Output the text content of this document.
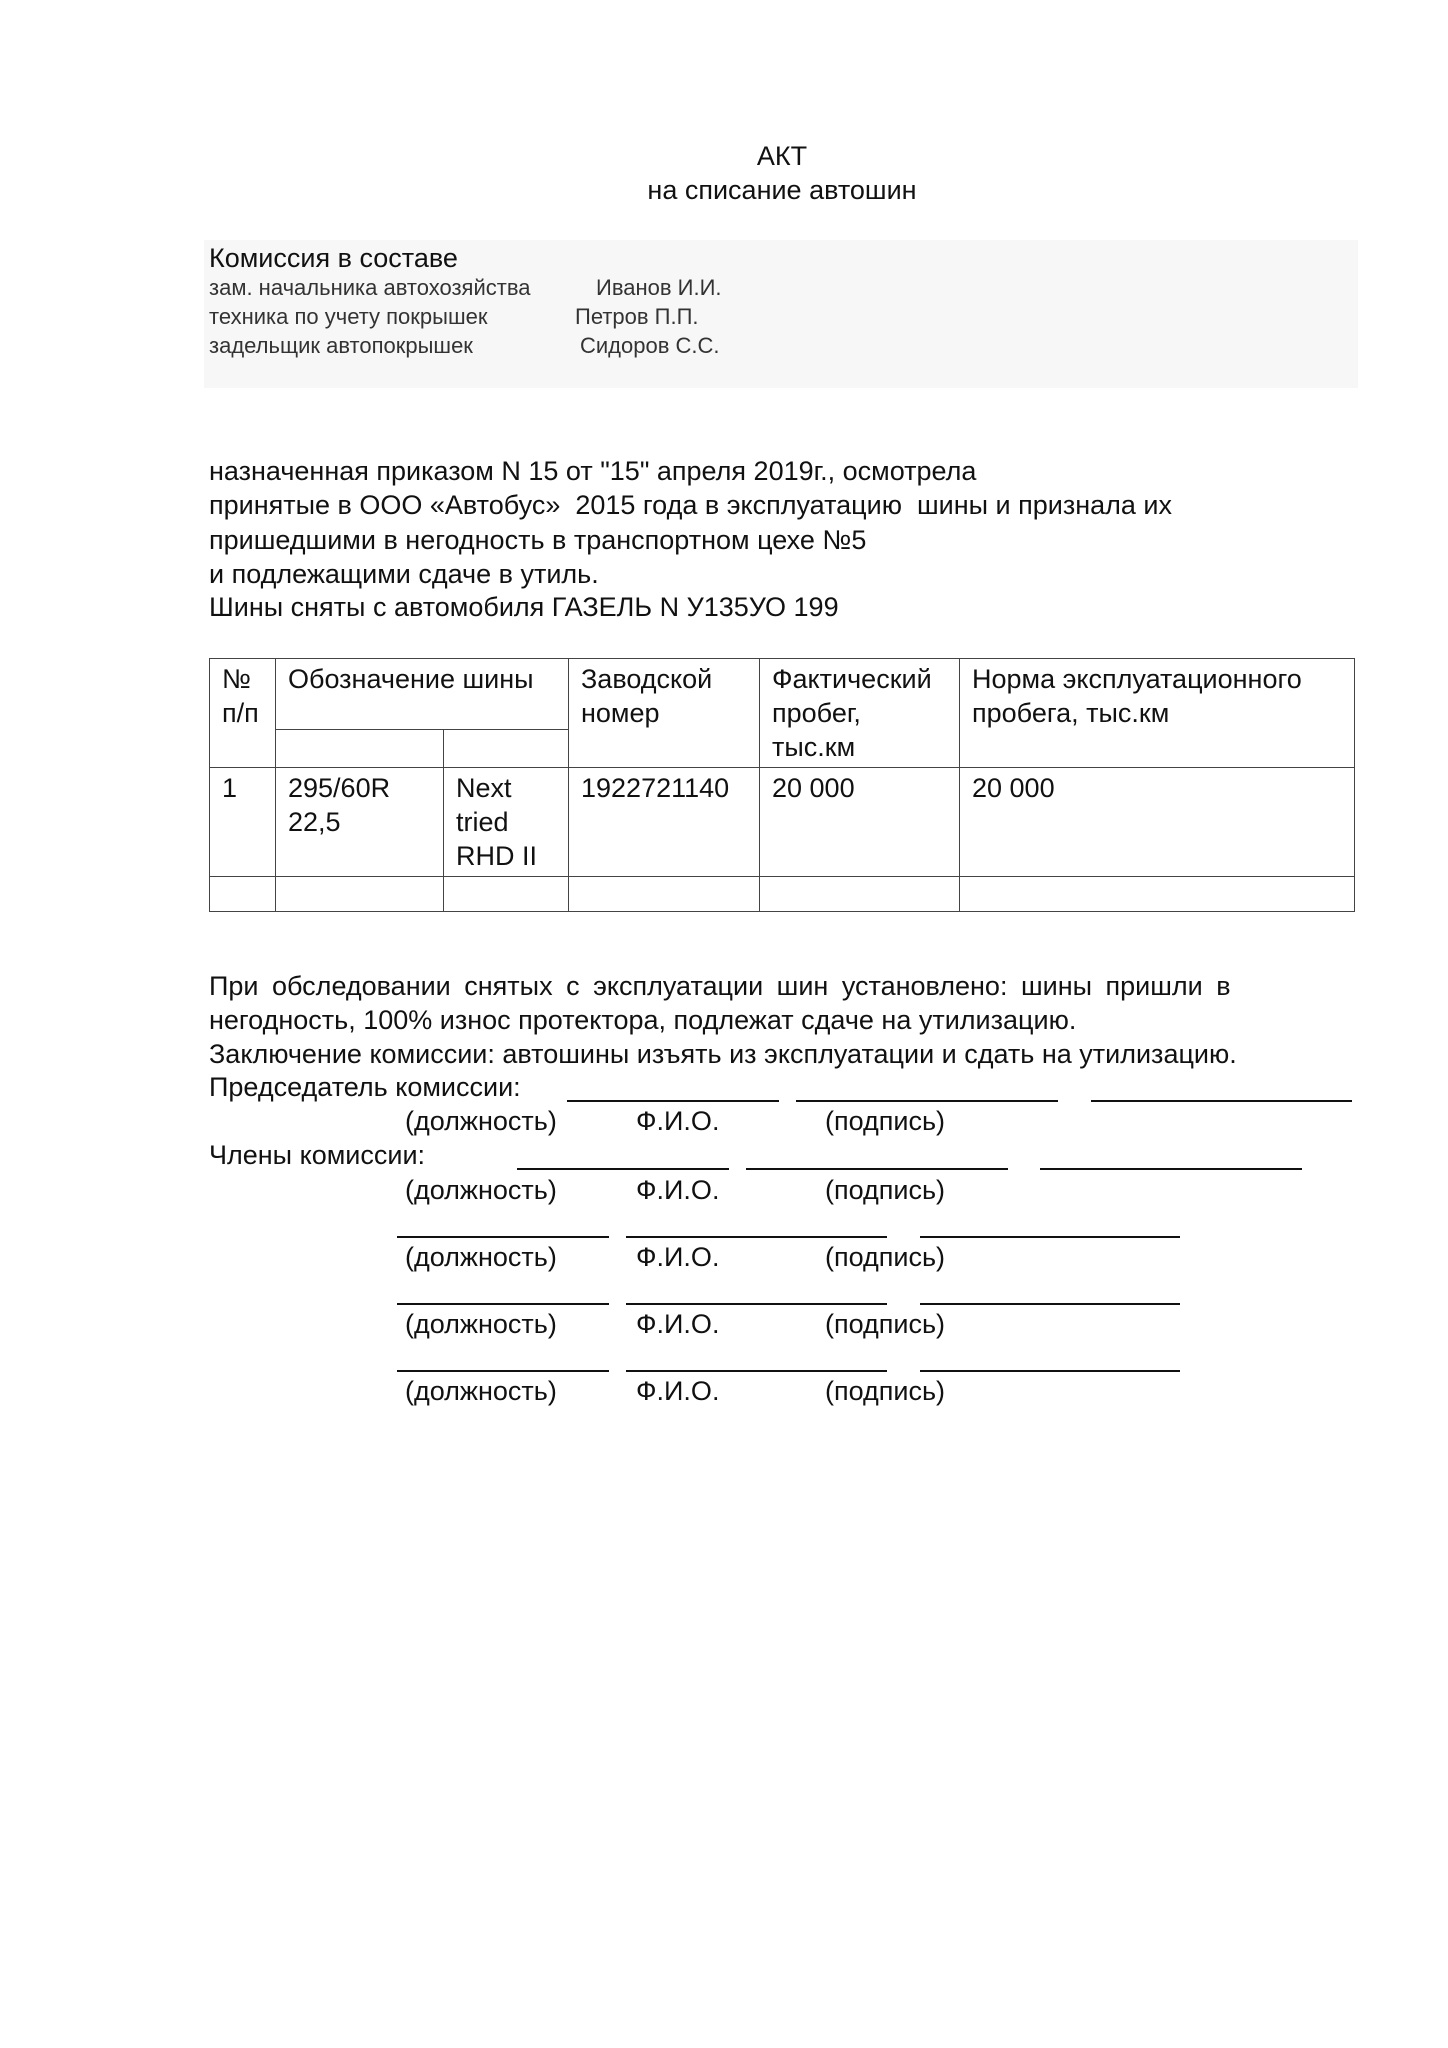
АКТ
на списание автошин
Комиссия в составе
зам. начальника автохозяйства	Иванов И.И.
техника по учету покрышек	Петров П.П.
задельщик автопокрышек	Сидоров С.С.
назначенная приказом N 15 от "15" апреля 2019г., осмотрела
принятые в ООО «Автобус»  2015 года в эксплуатацию  шины и признала их
пришедшими в негодность в транспортном цехе №5
и подлежащими сдаче в утиль.
Шины сняты с автомобиля ГАЗЕЛЬ N У135УО 199
№ п/п	Обозначение шины		Заводской номер	Фактический пробег, тыс.км	Норма эксплуатационного пробега, тыс.км

1	295/60R 22,5	Next tried RHD II	1922721140	20 000	20 000

При обследовании снятых с эксплуатации шин установлено: шины пришли в
негодность, 100% износ протектора, подлежат сдаче на утилизацию.
Заключение комиссии: автошины изъять из эксплуатации и сдать на утилизацию.
Председатель комиссии:
(должность)	Ф.И.О.	(подпись)
Члены комиссии:
(должность)	Ф.И.О.	(подпись)
(должность)	Ф.И.О.	(подпись)
(должность)	Ф.И.О.	(подпись)
(должность)	Ф.И.О.	(подпись)
